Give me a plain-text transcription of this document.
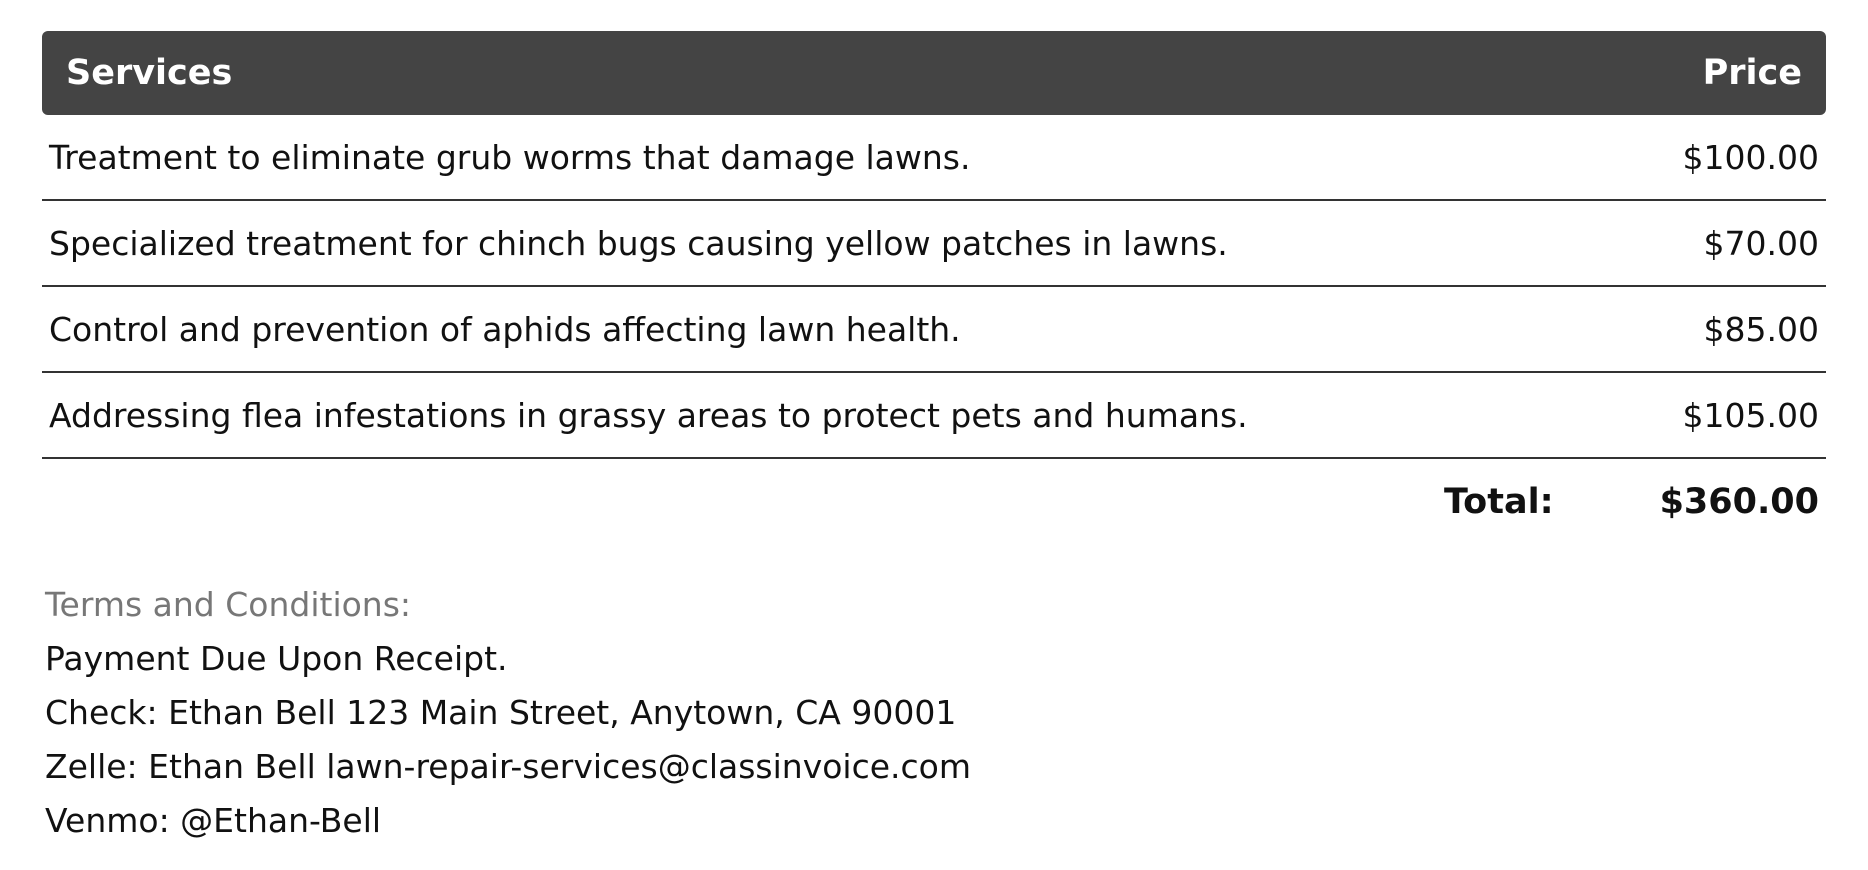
Services	Price
Treatment to eliminate grub worms that damage lawns.	$100.00
Specialized treatment for chinch bugs causing yellow patches in lawns.	$70.00
Control and prevention of aphids affecting lawn health.	$85.00
Addressing flea infestations in grassy areas to protect pets and humans.	$105.00
Total:	$360.00
Terms and Conditions:
Payment Due Upon Receipt.
Check: Ethan Bell 123 Main Street, Anytown, CA 90001
Zelle: Ethan Bell lawn-repair-services@classinvoice.com
Venmo: @Ethan-Bell
